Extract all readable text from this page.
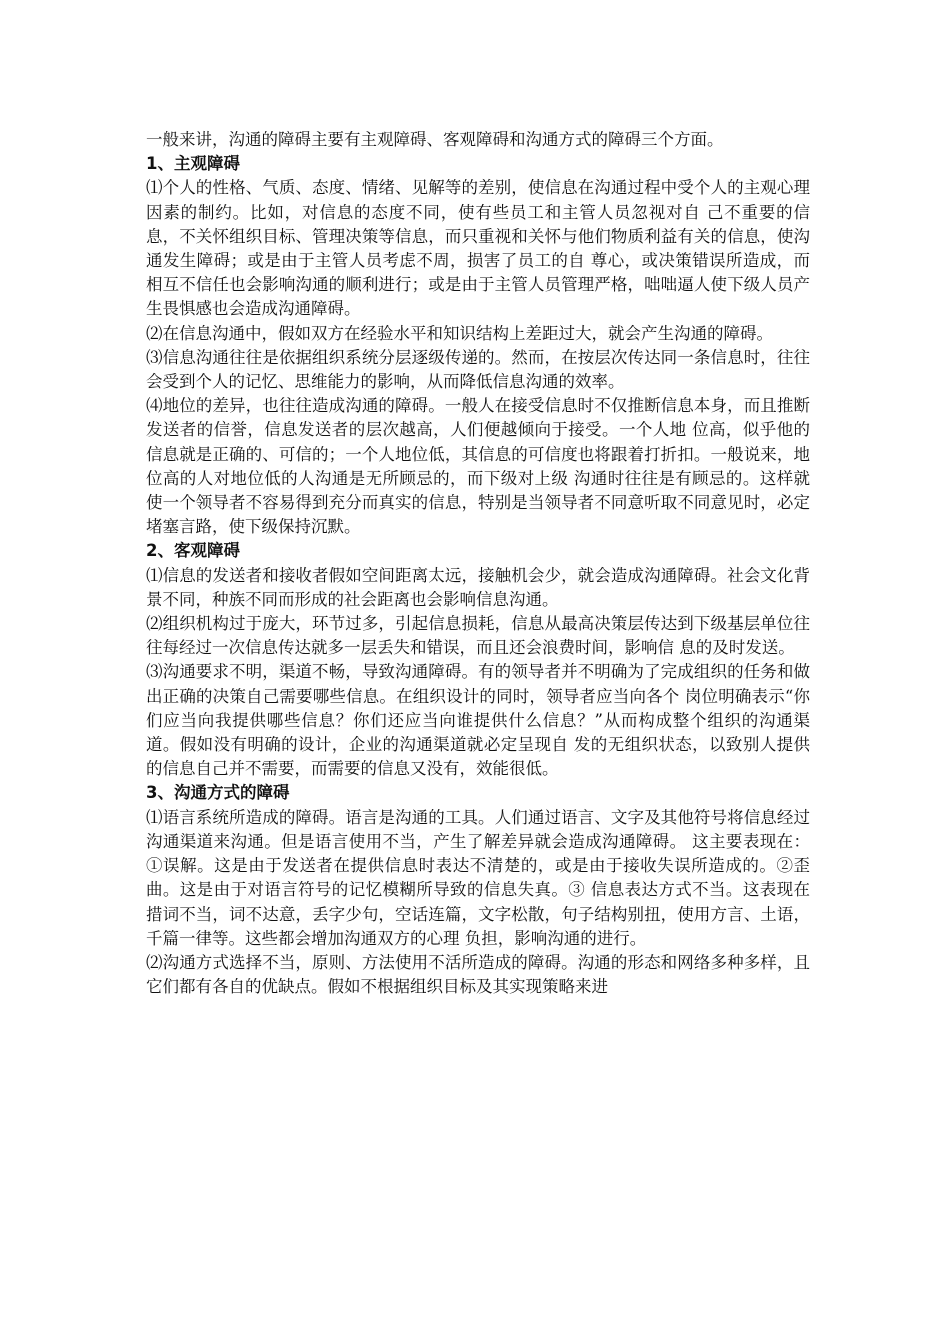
一般来讲，沟通的障碍主要有主观障碍、客观障碍和沟通方式的障碍三个方面。

1、主观障碍

⑴个人的性格、气质、态度、情绪、见解等的差别，使信息在沟通过程中受个人的主观心理因素的制约。比如，对信息的态度不同，使有些员工和主管人员忽视对自 己不重要的信息，不关怀组织目标、管理决策等信息，而只重视和关怀与他们物质利益有关的信息，使沟通发生障碍；或是由于主管人员考虑不周，损害了员工的自 尊心，或决策错误所造成，而相互不信任也会影响沟通的顺利进行；或是由于主管人员管理严格，咄咄逼人使下级人员产生畏惧感也会造成沟通障碍。

⑵在信息沟通中，假如双方在经验水平和知识结构上差距过大，就会产生沟通的障碍。

⑶信息沟通往往是依据组织系统分层逐级传递的。然而，在按层次传达同一条信息时，往往会受到个人的记忆、思维能力的影响，从而降低信息沟通的效率。

⑷地位的差异，也往往造成沟通的障碍。一般人在接受信息时不仅推断信息本身，而且推断发送者的信誉，信息发送者的层次越高，人们便越倾向于接受。一个人地 位高，似乎他的信息就是正确的、可信的；一个人地位低，其信息的可信度也将跟着打折扣。一般说来，地位高的人对地位低的人沟通是无所顾忌的，而下级对上级 沟通时往往是有顾忌的。这样就使一个领导者不容易得到充分而真实的信息，特别是当领导者不同意听取不同意见时，必定堵塞言路，使下级保持沉默。

2、客观障碍

⑴信息的发送者和接收者假如空间距离太远，接触机会少，就会造成沟通障碍。社会文化背景不同，种族不同而形成的社会距离也会影响信息沟通。

⑵组织机构过于庞大，环节过多，引起信息损耗，信息从最高决策层传达到下级基层单位往往每经过一次信息传达就多一层丢失和错误，而且还会浪费时间，影响信 息的及时发送。

⑶沟通要求不明，渠道不畅，导致沟通障碍。有的领导者并不明确为了完成组织的任务和做出正确的决策自己需要哪些信息。在组织设计的同时，领导者应当向各个 岗位明确表示“你们应当向我提供哪些信息？你们还应当向谁提供什么信息？”从而构成整个组织的沟通渠道。假如没有明确的设计，企业的沟通渠道就必定呈现自 发的无组织状态，以致别人提供的信息自己并不需要，而需要的信息又没有，效能很低。

3、沟通方式的障碍

⑴语言系统所造成的障碍。语言是沟通的工具。人们通过语言、文字及其他符号将信息经过沟通渠道来沟通。但是语言使用不当，产生了解差异就会造成沟通障碍。 这主要表现在：①误解。这是由于发送者在提供信息时表达不清楚的，或是由于接收失误所造成的。②歪曲。这是由于对语言符号的记忆模糊所导致的信息失真。③ 信息表达方式不当。这表现在措词不当，词不达意，丢字少句，空话连篇，文字松散，句子结构别扭，使用方言、土语，千篇一律等。这些都会增加沟通双方的心理 负担，影响沟通的进行。

⑵沟通方式选择不当，原则、方法使用不活所造成的障碍。沟通的形态和网络多种多样，且它们都有各自的优缺点。假如不根据组织目标及其实现策略来进
